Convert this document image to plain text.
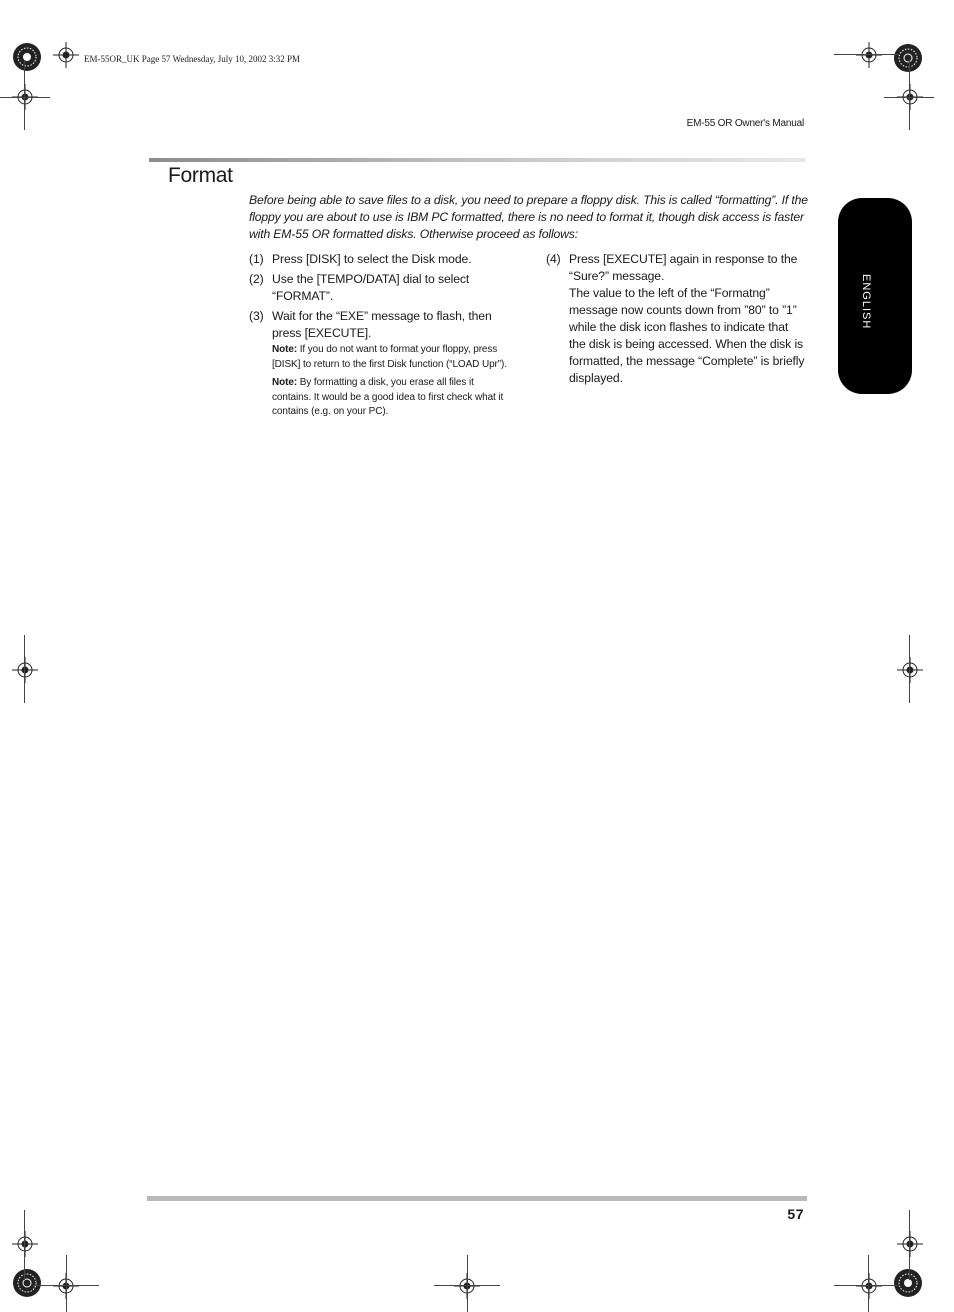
EM-55OR_UK Page 57 Wednesday, July 10, 2002 3:32 PM
EM-55 OR Owner's Manual
Format

Before being able to save files to a disk, you need to prepare a floppy disk. This is called “formatting”. If the floppy you are about to use is IBM PC formatted, there is no need to format it, though disk access is faster with EM-55 OR formatted disks. Otherwise proceed as follows:

(1) Press [DISK] to select the Disk mode.
(2) Use the [TEMPO/DATA] dial to select “FORMAT”.
(3) Wait for the “EXE” message to flash, then press [EXECUTE].
Note: If you do not want to format your floppy, press [DISK] to return to the first Disk function (“LOAD Upr”).
Note: By formatting a disk, you erase all files it contains. It would be a good idea to first check what it contains (e.g. on your PC).
(4) Press [EXECUTE] again in response to the “Sure?” message.
The value to the left of the “Formatng” message now counts down from ”80” to ”1” while the disk icon flashes to indicate that the disk is being accessed. When the disk is formatted, the message “Complete” is briefly displayed.
ENGLISH
57
